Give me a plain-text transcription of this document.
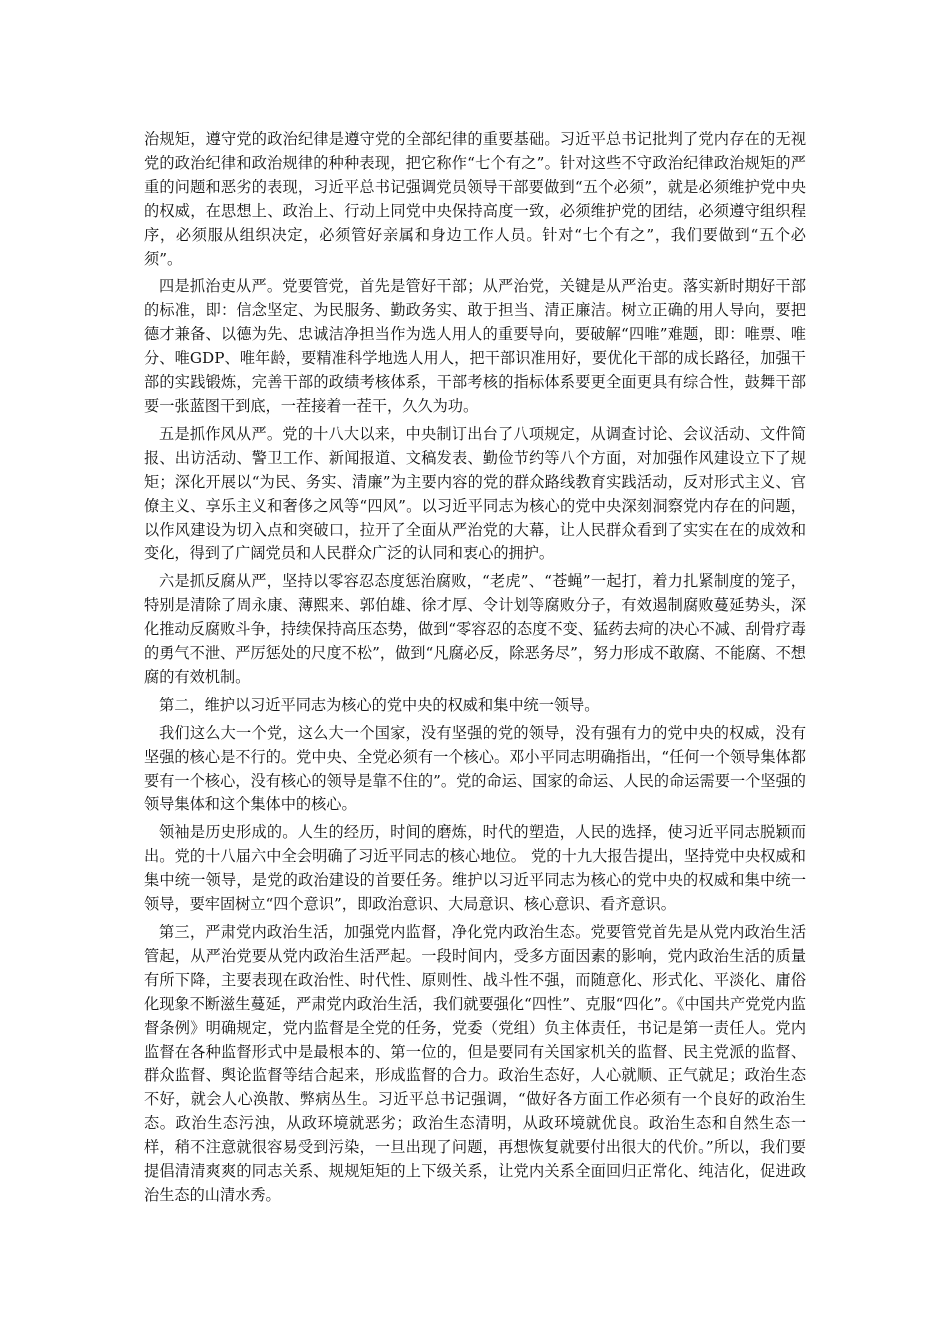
治规矩，遵守党的政治纪律是遵守党的全部纪律的重要基础。习近平总书记批判了党内存在的无视党的政治纪律和政治规律的种种表现，把它称作“七个有之”。针对这些不守政治纪律政治规矩的严重的问题和恶劣的表现，习近平总书记强调党员领导干部要做到“五个必须”，就是必须维护党中央的权威，在思想上、政治上、行动上同党中央保持高度一致，必须维护党的团结，必须遵守组织程序，必须服从组织决定，必须管好亲属和身边工作人员。针对“七个有之”，我们要做到“五个必须”。

四是抓治吏从严。党要管党，首先是管好干部；从严治党，关键是从严治吏。落实新时期好干部的标准，即：信念坚定、为民服务、勤政务实、敢于担当、清正廉洁。树立正确的用人导向，要把德才兼备、以德为先、忠诚洁净担当作为选人用人的重要导向，要破解“四唯”难题，即：唯票、唯分、唯GDP、唯年龄，要精准科学地选人用人，把干部识准用好，要优化干部的成长路径，加强干部的实践锻炼，完善干部的政绩考核体系，干部考核的指标体系要更全面更具有综合性，鼓舞干部要一张蓝图干到底，一茬接着一茬干，久久为功。

五是抓作风从严。党的十八大以来，中央制订出台了八项规定，从调查讨论、会议活动、文件简报、出访活动、警卫工作、新闻报道、文稿发表、勤俭节约等八个方面，对加强作风建设立下了规矩；深化开展以“为民、务实、清廉”为主要内容的党的群众路线教育实践活动，反对形式主义、官僚主义、享乐主义和奢侈之风等“四风”。以习近平同志为核心的党中央深刻洞察党内存在的问题，以作风建设为切入点和突破口，拉开了全面从严治党的大幕，让人民群众看到了实实在在的成效和变化，得到了广阔党员和人民群众广泛的认同和衷心的拥护。

六是抓反腐从严，坚持以零容忍态度惩治腐败，“老虎”、“苍蝇”一起打，着力扎紧制度的笼子，特别是清除了周永康、薄熙来、郭伯雄、徐才厚、令计划等腐败分子，有效遏制腐败蔓延势头，深化推动反腐败斗争，持续保持高压态势，做到“零容忍的态度不变、猛药去疴的决心不减、刮骨疗毒的勇气不泄、严厉惩处的尺度不松”，做到“凡腐必反，除恶务尽”，努力形成不敢腐、不能腐、不想腐的有效机制。

第二，维护以习近平同志为核心的党中央的权威和集中统一领导。

我们这么大一个党，这么大一个国家，没有坚强的党的领导，没有强有力的党中央的权威，没有坚强的核心是不行的。党中央、全党必须有一个核心。邓小平同志明确指出，“任何一个领导集体都要有一个核心，没有核心的领导是靠不住的”。党的命运、国家的命运、人民的命运需要一个坚强的领导集体和这个集体中的核心。

领袖是历史形成的。人生的经历，时间的磨炼，时代的塑造，人民的选择，使习近平同志脱颖而出。党的十八届六中全会明确了习近平同志的核心地位。 党的十九大报告提出，坚持党中央权威和集中统一领导，是党的政治建设的首要任务。维护以习近平同志为核心的党中央的权威和集中统一领导，要牢固树立“四个意识”，即政治意识、大局意识、核心意识、看齐意识。

第三，严肃党内政治生活，加强党内监督，净化党内政治生态。党要管党首先是从党内政治生活管起，从严治党要从党内政治生活严起。一段时间内，受多方面因素的影响，党内政治生活的质量有所下降，主要表现在政治性、时代性、原则性、战斗性不强，而随意化、形式化、平淡化、庸俗化现象不断滋生蔓延，严肃党内政治生活，我们就要强化“四性”、克服“四化”。《中国共产党党内监督条例》明确规定，党内监督是全党的任务，党委（党组）负主体责任，书记是第一责任人。党内监督在各种监督形式中是最根本的、第一位的，但是要同有关国家机关的监督、民主党派的监督、群众监督、舆论监督等结合起来，形成监督的合力。政治生态好，人心就顺、正气就足；政治生态不好，就会人心涣散、弊病丛生。习近平总书记强调，“做好各方面工作必须有一个良好的政治生态。政治生态污浊，从政环境就恶劣；政治生态清明，从政环境就优良。政治生态和自然生态一样，稍不注意就很容易受到污染，一旦出现了问题，再想恢复就要付出很大的代价。”所以，我们要提倡清清爽爽的同志关系、规规矩矩的上下级关系，让党内关系全面回归正常化、纯洁化，促进政治生态的山清水秀。
